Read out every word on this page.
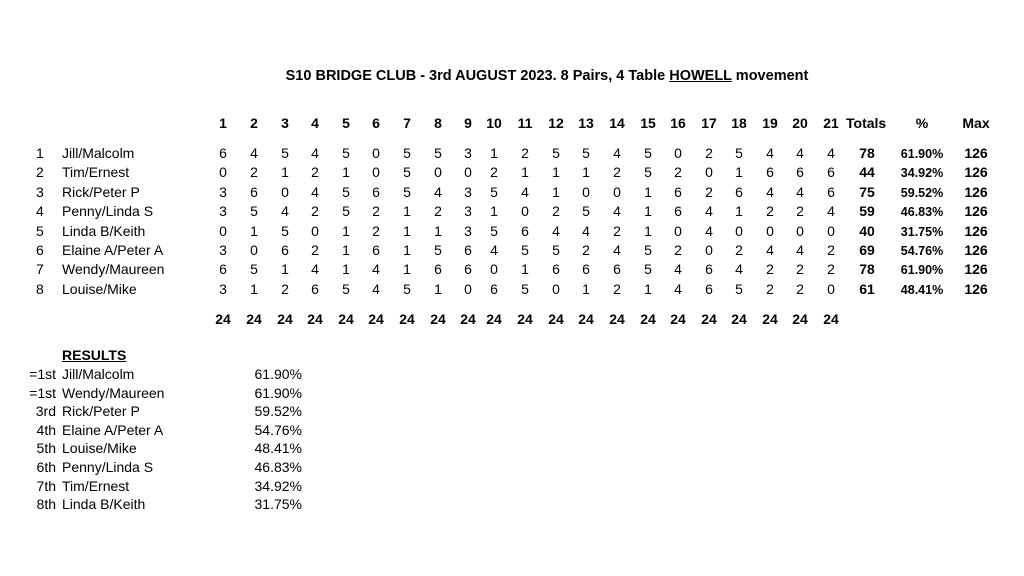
S10 BRIDGE CLUB - 3rd AUGUST 2023. 8 Pairs, 4 Table HOWELL movement
1	2	3	4	5	6	7	8	9	10	11	12	13	14	15	16	17	18	19	20	21 Totals	%	Max
1 Jill/Malcolm	6	4	5	4	5	0	5	5	3	1	2	5	5	4	5	0	2	5	4	4	4	78	61.90%	126
2 Tim/Ernest	0	2	1	2	1	0	5	0	0	2	1	1	1	2	5	2	0	1	6	6	6	44	34.92%	126
3 Rick/Peter P	3	6	0	4	5	6	5	4	3	5	4	1	0	0	1	6	2	6	4	4	6	75	59.52%	126
4 Penny/Linda S	3	5	4	2	5	2	1	2	3	1	0	2	5	4	1	6	4	1	2	2	4	59	46.83%	126
5 Linda B/Keith	0	1	5	0	1	2	1	1	3	5	6	4	4	2	1	0	4	0	0	0	0	40	31.75%	126
6 Elaine A/Peter A	3	0	6	2	1	6	1	5	6	4	5	5	2	4	5	2	0	2	4	4	2	69	54.76%	126
7 Wendy/Maureen	6	5	1	4	1	4	1	6	6	0	1	6	6	6	5	4	6	4	2	2	2	78	61.90%	126
8 Louise/Mike	3	1	2	6	5	4	5	1	0	6	5	0	1	2	1	4	6	5	2	2	0	61	48.41%	126
24	24	24	24	24	24	24	24	24 24	24	24	24	24	24	24	24	24	24	24	24
RESULTS
=1st Jill/Malcolm	61.90%
=1st Wendy/Maureen	61.90%
3rd Rick/Peter P	59.52%
4th Elaine A/Peter A	54.76%
5th Louise/Mike	48.41%
6th Penny/Linda S	46.83%
7th Tim/Ernest	34.92%
8th Linda B/Keith	31.75%
